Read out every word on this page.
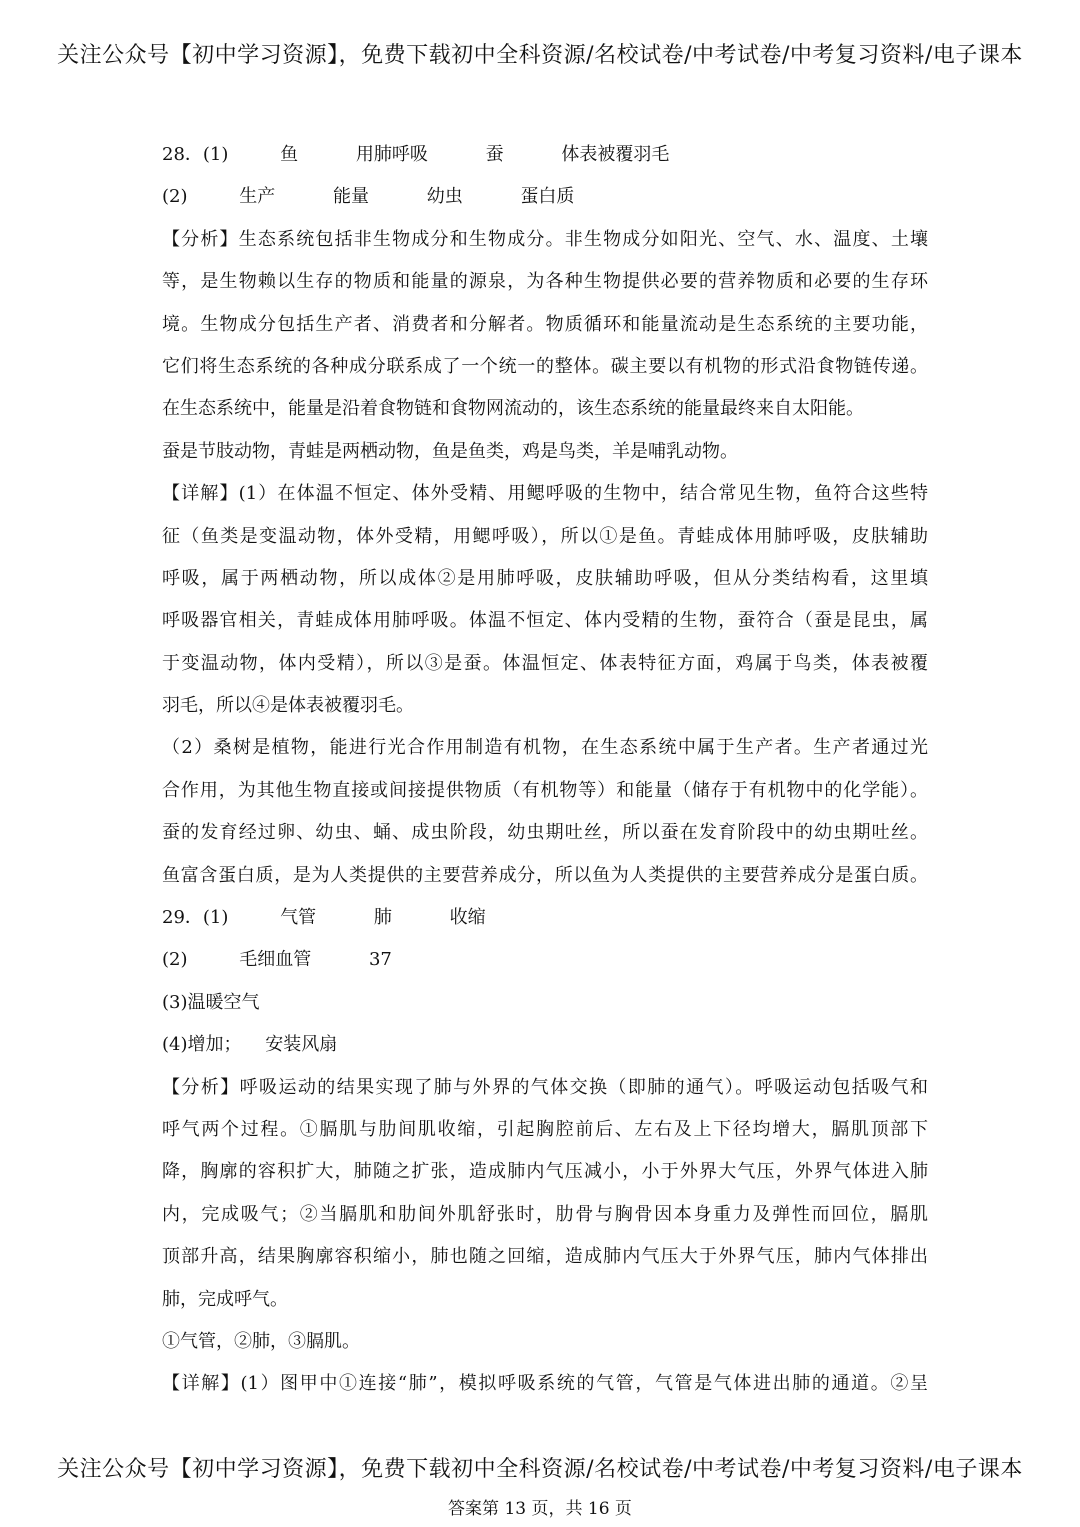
关注公众号【初中学习资源】，免费下载初中全科资源/名校试卷/中考试卷/中考复习资料/电子课本
28．(1)	鱼	用肺呼吸	蚕	体表被覆羽毛
(2)	生产	能量	幼虫	蛋白质
【分析】生态系统包括非生物成分和生物成分。非生物成分如阳光、空气、水、温度、土壤
等，是生物赖以生存的物质和能量的源泉，为各种生物提供必要的营养物质和必要的生存环
境。生物成分包括生产者、消费者和分解者。物质循环和能量流动是生态系统的主要功能，
它们将生态系统的各种成分联系成了一个统一的整体。碳主要以有机物的形式沿食物链传递。
在生态系统中，能量是沿着食物链和食物网流动的，该生态系统的能量最终来自太阳能。
蚕是节肢动物，青蛙是两栖动物，鱼是鱼类，鸡是鸟类，羊是哺乳动物。
【详解】(1）在体温不恒定、体外受精、用鳃呼吸的生物中，结合常见生物，鱼符合这些特
征（鱼类是变温动物，体外受精，用鳃呼吸），所以①是鱼。青蛙成体用肺呼吸，皮肤辅助
呼吸，属于两栖动物，所以成体②是用肺呼吸，皮肤辅助呼吸，但从分类结构看，这里填
呼吸器官相关，青蛙成体用肺呼吸。体温不恒定、体内受精的生物，蚕符合（蚕是昆虫，属
于变温动物，体内受精），所以③是蚕。体温恒定、体表特征方面，鸡属于鸟类，体表被覆
羽毛，所以④是体表被覆羽毛。
（2）桑树是植物，能进行光合作用制造有机物，在生态系统中属于生产者。生产者通过光
合作用，为其他生物直接或间接提供物质（有机物等）和能量（储存于有机物中的化学能）。
蚕的发育经过卵、幼虫、蛹、成虫阶段，幼虫期吐丝，所以蚕在发育阶段中的幼虫期吐丝。
鱼富含蛋白质，是为人类提供的主要营养成分，所以鱼为人类提供的主要营养成分是蛋白质。
29．(1)	气管	肺	收缩
(2)	毛细血管	37
(3)温暖空气
(4)增加； 安装风扇
【分析】呼吸运动的结果实现了肺与外界的气体交换（即肺的通气）。呼吸运动包括吸气和
呼气两个过程。①膈肌与肋间肌收缩，引起胸腔前后、左右及上下径均增大，膈肌顶部下
降，胸廓的容积扩大，肺随之扩张，造成肺内气压减小，小于外界大气压，外界气体进入肺
内，完成吸气；②当膈肌和肋间外肌舒张时，肋骨与胸骨因本身重力及弹性而回位，膈肌
顶部升高，结果胸廓容积缩小，肺也随之回缩，造成肺内气压大于外界气压，肺内气体排出
肺，完成呼气。
①气管，②肺，③膈肌。
【详解】(1）图甲中①连接“肺”，模拟呼吸系统的气管，气管是气体进出肺的通道。②呈
关注公众号【初中学习资源】，免费下载初中全科资源/名校试卷/中考试卷/中考复习资料/电子课本
答案第 13 页，共 16 页
